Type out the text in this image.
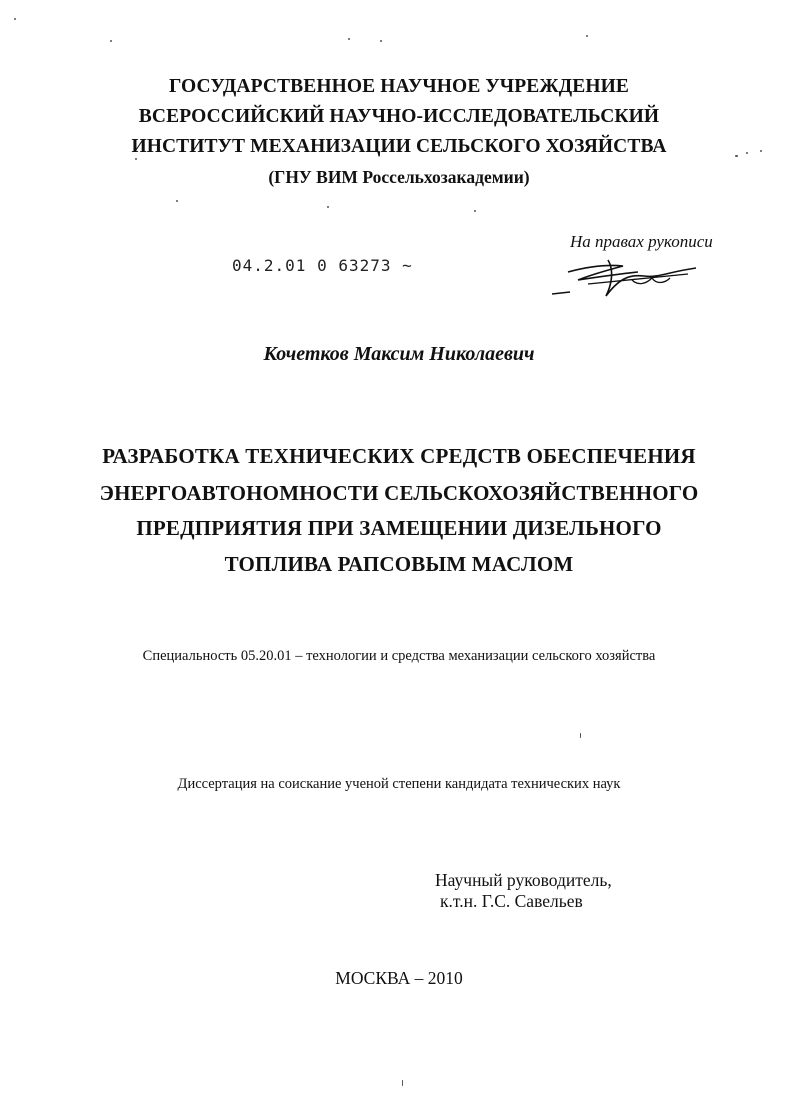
ГОСУДАРСТВЕННОЕ НАУЧНОЕ УЧРЕЖДЕНИЕ
ВСЕРОССИЙСКИЙ НАУЧНО-ИССЛЕДОВАТЕЛЬСКИЙ
ИНСТИТУТ МЕХАНИЗАЦИИ СЕЛЬСКОГО ХОЗЯЙСТВА
(ГНУ ВИМ Россельхозакадемии)
На правах рукописи
04.2.01 0 63273 ~
Кочетков Максим Николаевич
РАЗРАБОТКА ТЕХНИЧЕСКИХ СРЕДСТВ ОБЕСПЕЧЕНИЯ
ЭНЕРГОАВТОНОМНОСТИ СЕЛЬСКОХОЗЯЙСТВЕННОГО
ПРЕДПРИЯТИЯ ПРИ ЗАМЕЩЕНИИ ДИЗЕЛЬНОГО
ТОПЛИВА РАПСОВЫМ МАСЛОМ
Специальность 05.20.01 – технологии и средства механизации сельского хозяйства
Диссертация на соискание ученой степени кандидата технических наук
Научный руководитель,
к.т.н. Г.С. Савельев
МОСКВА – 2010
